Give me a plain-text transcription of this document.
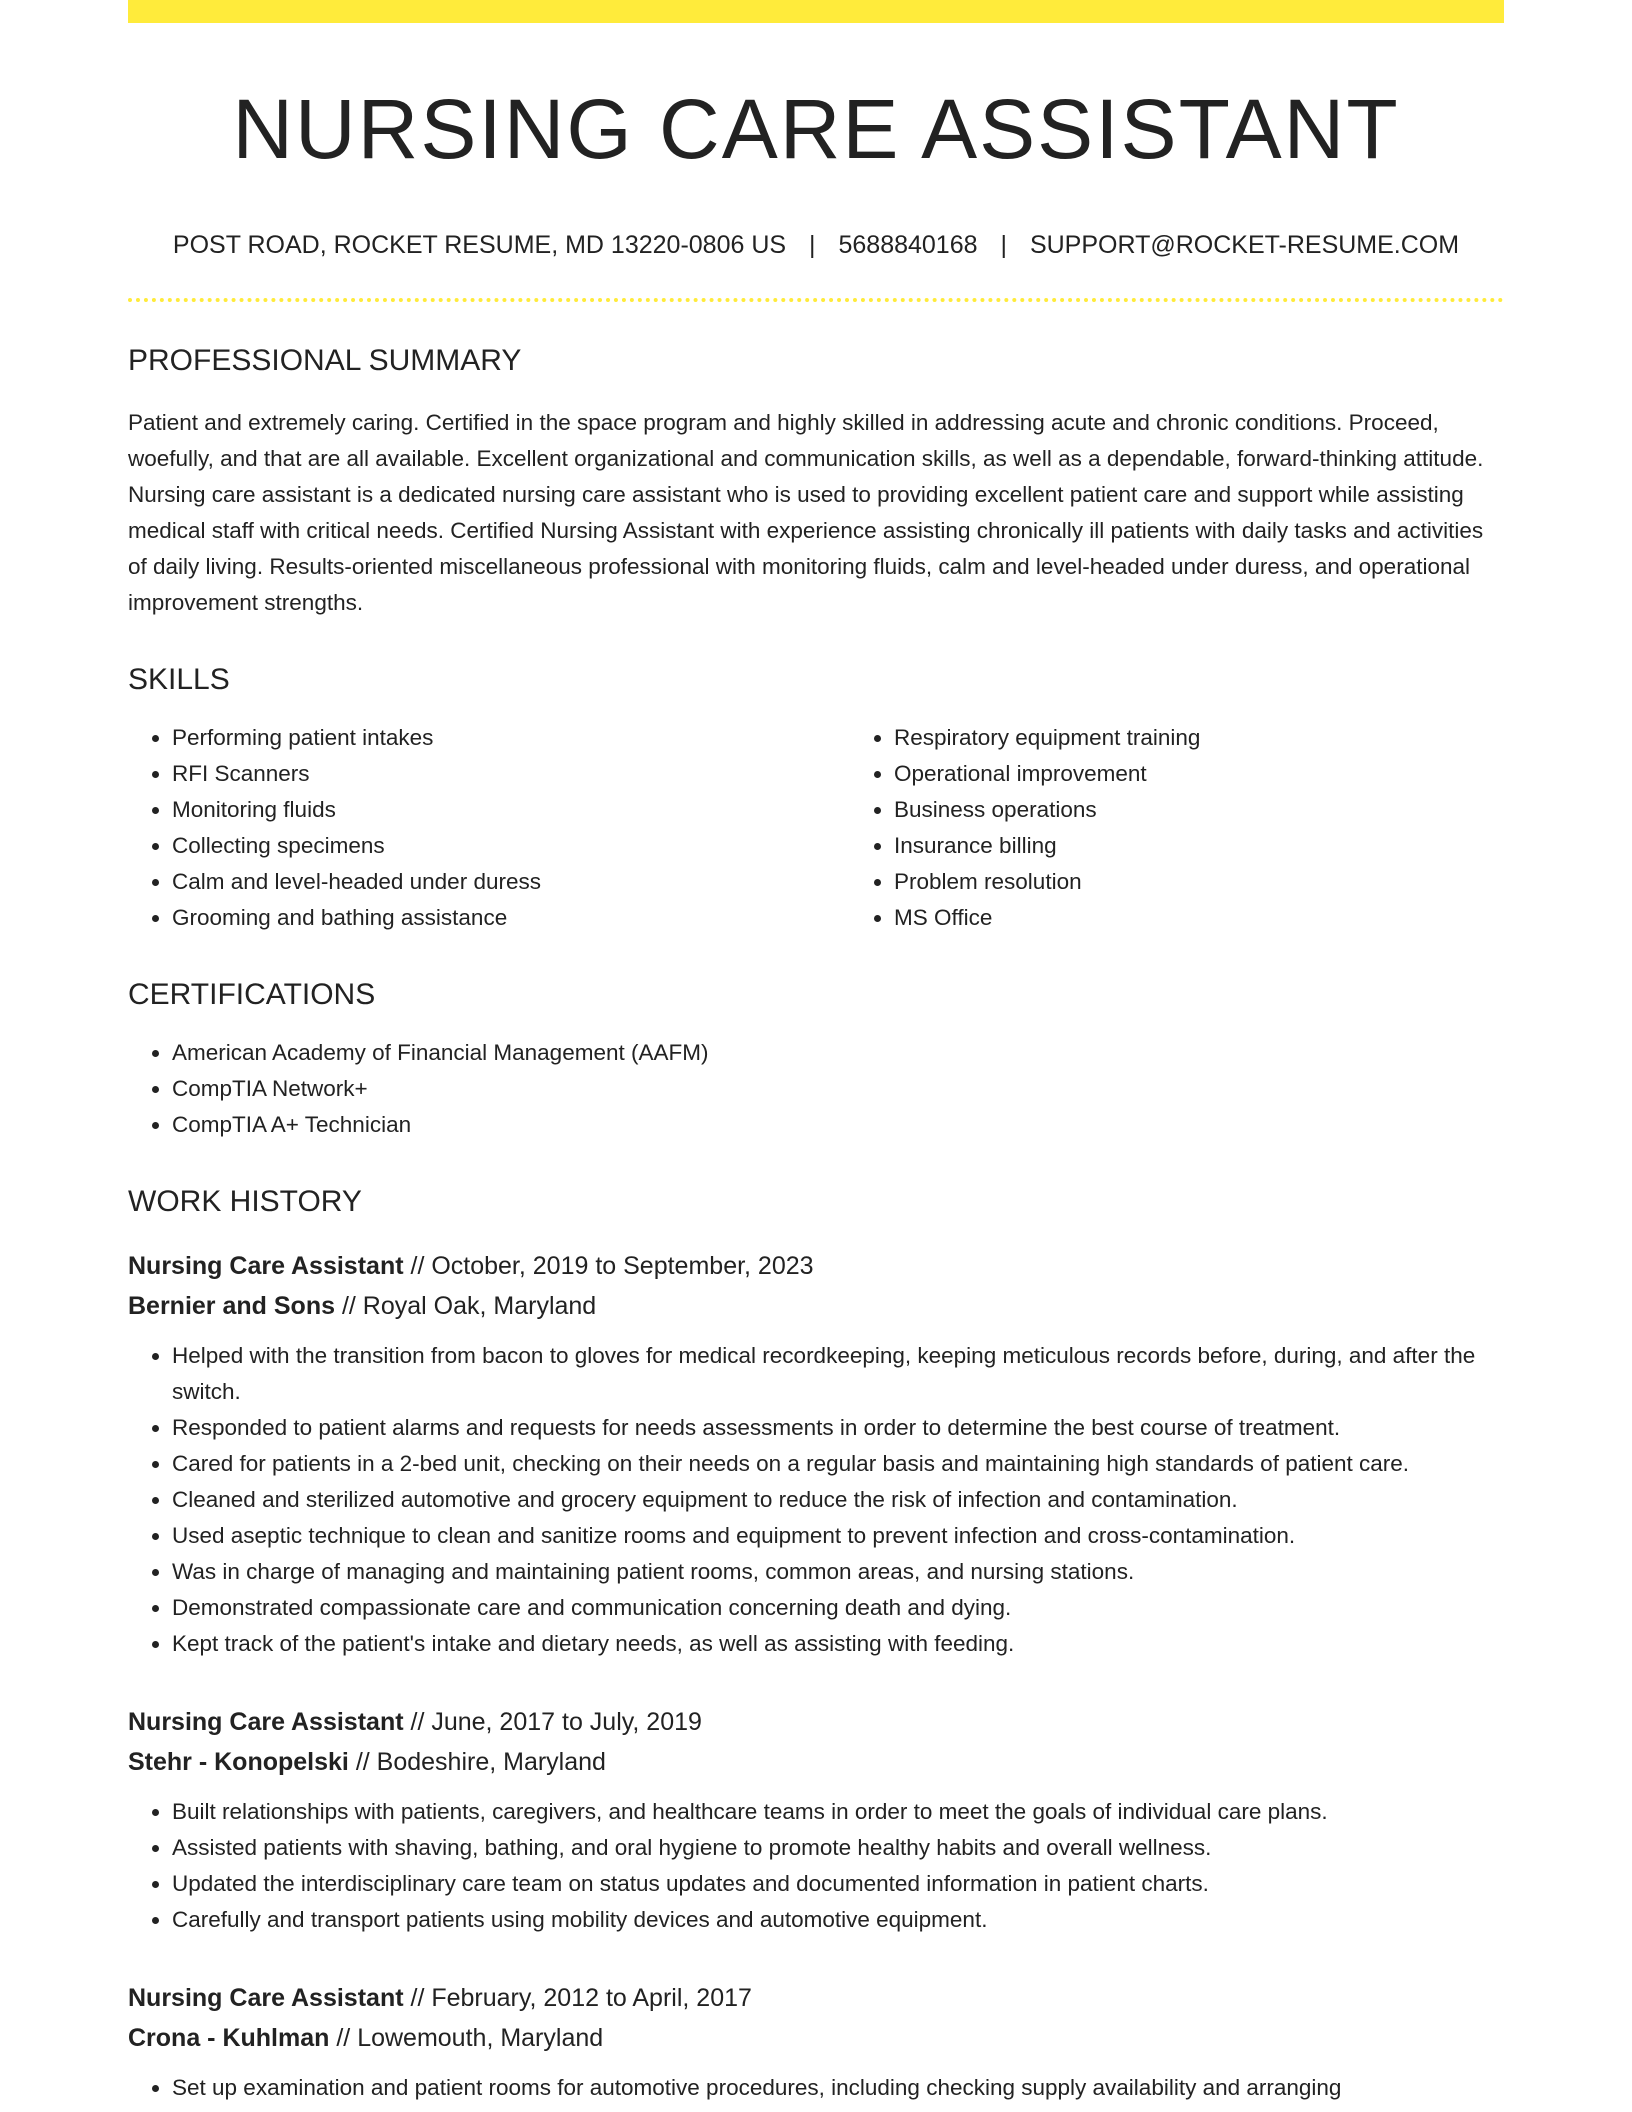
NURSING CARE ASSISTANT
POST ROAD, ROCKET RESUME, MD 13220-0806 US | 5688840168 | SUPPORT@ROCKET-RESUME.COM
PROFESSIONAL SUMMARY

Patient and extremely caring. Certified in the space program and highly skilled in addressing acute and chronic conditions. Proceed, woefully, and that are all available. Excellent organizational and communication skills, as well as a dependable, forward-thinking attitude. Nursing care assistant is a dedicated nursing care assistant who is used to providing excellent patient care and support while assisting medical staff with critical needs. Certified Nursing Assistant with experience assisting chronically ill patients with daily tasks and activities of daily living. Results-oriented miscellaneous professional with monitoring fluids, calm and level-headed under duress, and operational improvement strengths.

SKILLS
• Performing patient intakes
• RFI Scanners
• Monitoring fluids
• Collecting specimens
• Calm and level-headed under duress
• Grooming and bathing assistance
• Respiratory equipment training
• Operational improvement
• Business operations
• Insurance billing
• Problem resolution
• MS Office
CERTIFICATIONS
• American Academy of Financial Management (AAFM)
• CompTIA Network+
• CompTIA A+ Technician
WORK HISTORY
Nursing Care Assistant // October, 2019 to September, 2023
Bernier and Sons // Royal Oak, Maryland
• Helped with the transition from bacon to gloves for medical recordkeeping, keeping meticulous records before, during, and after the switch.
• Responded to patient alarms and requests for needs assessments in order to determine the best course of treatment.
• Cared for patients in a 2-bed unit, checking on their needs on a regular basis and maintaining high standards of patient care.
• Cleaned and sterilized automotive and grocery equipment to reduce the risk of infection and contamination.
• Used aseptic technique to clean and sanitize rooms and equipment to prevent infection and cross-contamination.
• Was in charge of managing and maintaining patient rooms, common areas, and nursing stations.
• Demonstrated compassionate care and communication concerning death and dying.
• Kept track of the patient's intake and dietary needs, as well as assisting with feeding.
Nursing Care Assistant // June, 2017 to July, 2019
Stehr - Konopelski // Bodeshire, Maryland
• Built relationships with patients, caregivers, and healthcare teams in order to meet the goals of individual care plans.
• Assisted patients with shaving, bathing, and oral hygiene to promote healthy habits and overall wellness.
• Updated the interdisciplinary care team on status updates and documented information in patient charts.
• Carefully and transport patients using mobility devices and automotive equipment.
Nursing Care Assistant // February, 2012 to April, 2017
Crona - Kuhlman // Lowemouth, Maryland
• Set up examination and patient rooms for automotive procedures, including checking supply availability and arranging
